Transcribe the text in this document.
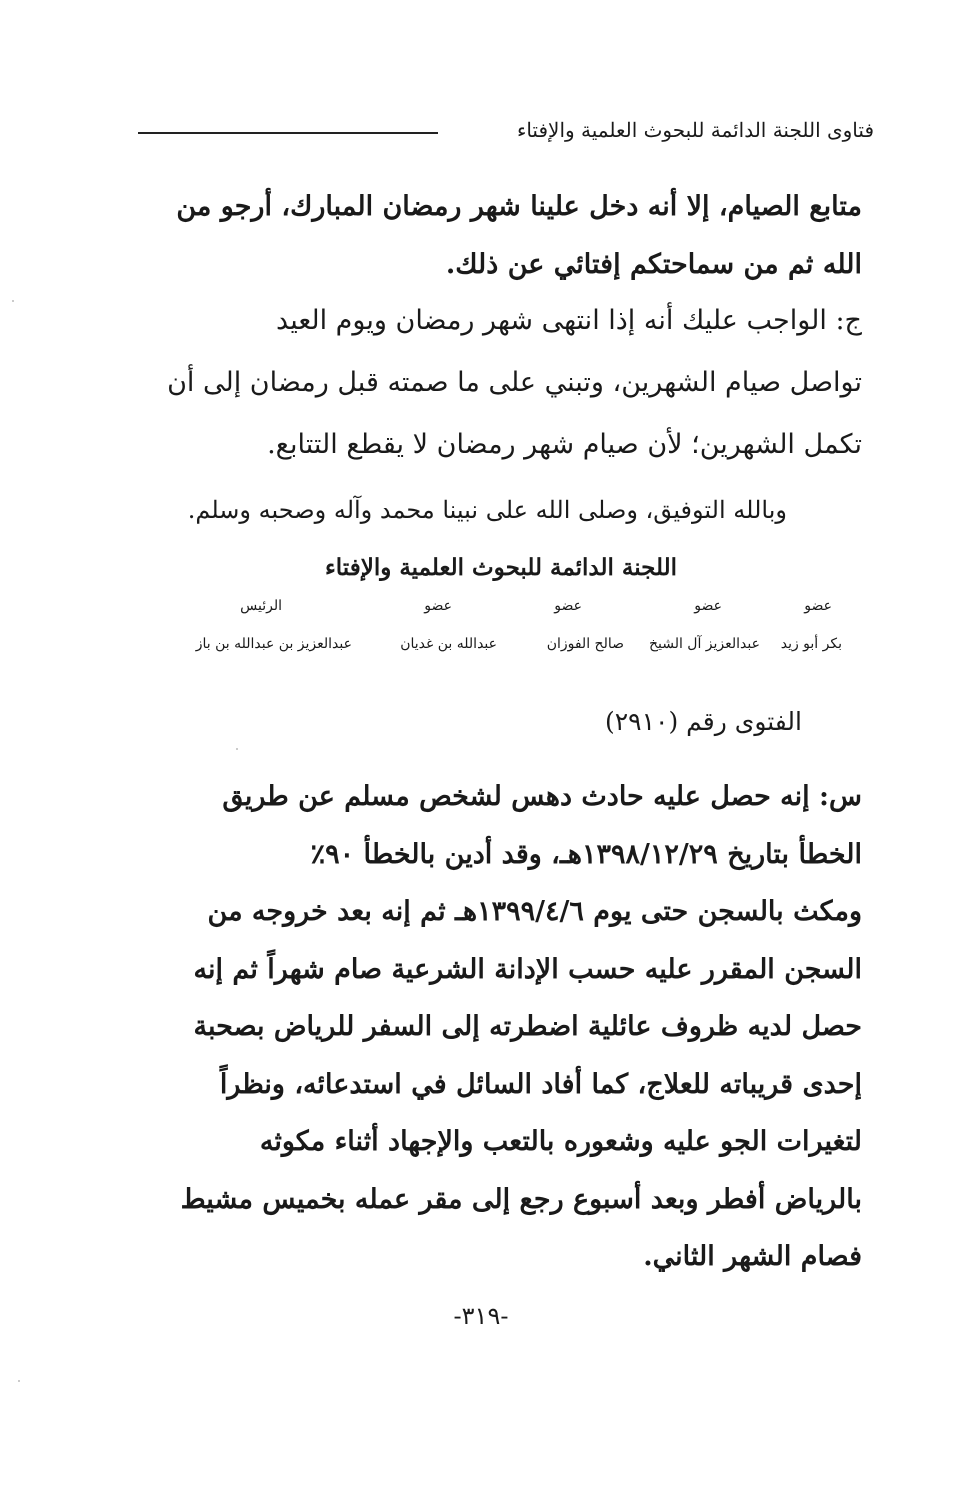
فتاوى اللجنة الدائمة للبحوث العلمية والإفتاء
متابع الصيام، إلا أنه دخل علينا شهر رمضان المبارك، أرجو من
الله ثم من سماحتكم إفتائي عن ذلك.
ج: الواجب عليك أنه إذا انتهى شهر رمضان ويوم العيد
تواصل صيام الشهرين، وتبني على ما صمته قبل رمضان إلى أن
تكمل الشهرين؛ لأن صيام شهر رمضان لا يقطع التتابع.
وبالله التوفيق، وصلى الله على نبينا محمد وآله وصحبه وسلم.
اللجنة الدائمة للبحوث العلمية والإفتاء
عضو
عضو
عضو
عضو
الرئيس
بكر أبو زيد
عبدالعزيز آل الشيخ
صالح الفوزان
عبدالله بن غديان
عبدالعزيز بن عبدالله بن باز
الفتوى رقم (٢٩١٠)
س: إنه حصل عليه حادث دهس لشخص مسلم عن طريق
الخطأ بتاريخ ١٣٩٨/١٢/٢٩هـ، وقد أدين بالخطأ ٩٠٪
ومكث بالسجن حتى يوم ١٣٩٩/٤/٦هـ ثم إنه بعد خروجه من
السجن المقرر عليه حسب الإدانة الشرعية صام شهراً ثم إنه
حصل لديه ظروف عائلية اضطرته إلى السفر للرياض بصحبة
إحدى قريباته للعلاج، كما أفاد السائل في استدعائه، ونظراً
لتغيرات الجو عليه وشعوره بالتعب والإجهاد أثناء مكوثه
بالرياض أفطر وبعد أسبوع رجع إلى مقر عمله بخميس مشيط
فصام الشهر الثاني.
-٣١٩-
